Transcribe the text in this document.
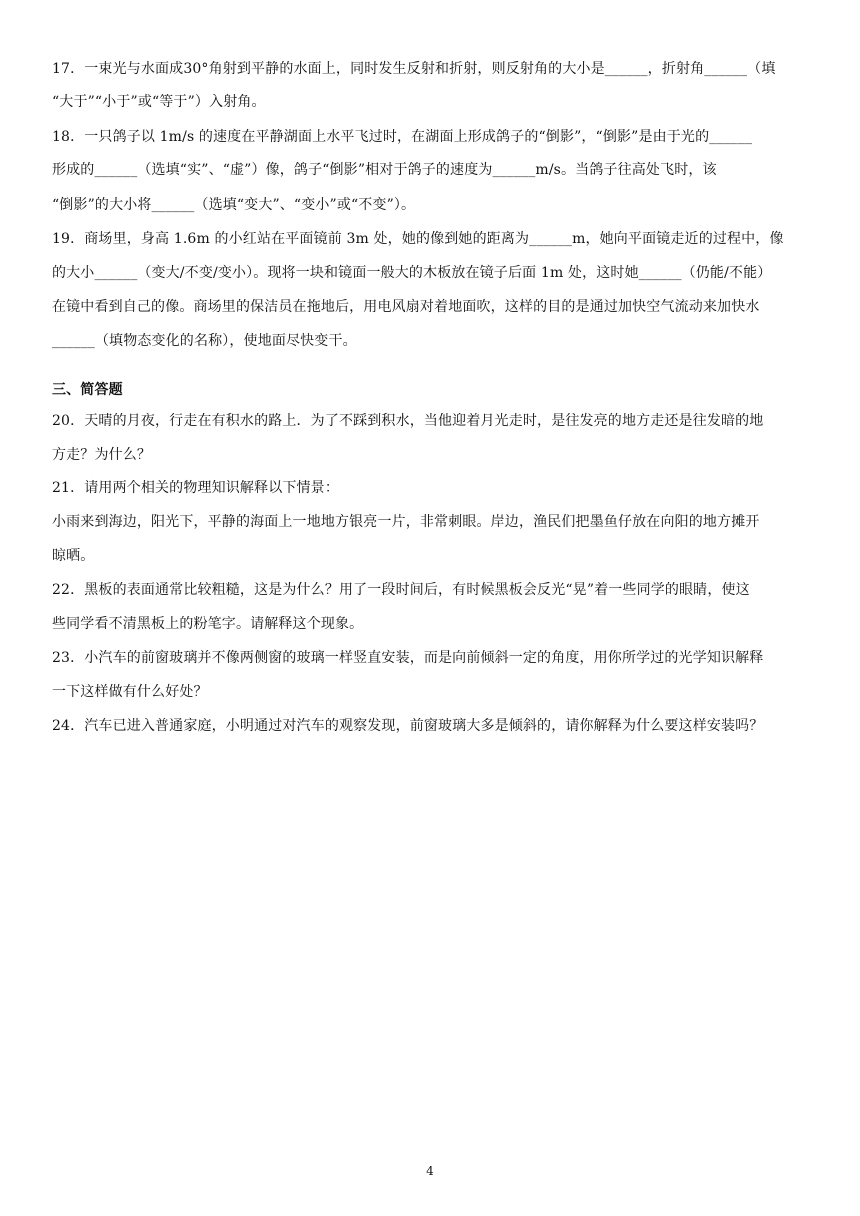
17．一束光与水面成30°角射到平静的水面上，同时发生反射和折射，则反射角的大小是______，折射角______（填
“大于”“小于”或“等于”）入射角。
18．一只鸽子以 1m/s 的速度在平静湖面上水平飞过时，在湖面上形成鸽子的“倒影”，“倒影”是由于光的______
形成的______（选填“实”、“虚”）像，鸽子“倒影”相对于鸽子的速度为______m/s。当鸽子往高处飞时，该
“倒影”的大小将______（选填“变大”、“变小”或“不变”）。
19．商场里，身高 1.6m 的小红站在平面镜前 3m 处，她的像到她的距离为______m，她向平面镜走近的过程中，像
的大小______（变大/不变/变小）。现将一块和镜面一般大的木板放在镜子后面 1m 处，这时她______（仍能/不能）
在镜中看到自己的像。商场里的保洁员在拖地后，用电风扇对着地面吹，这样的目的是通过加快空气流动来加快水
______（填物态变化的名称），使地面尽快变干。
三、简答题
20．天晴的月夜，行走在有积水的路上．为了不踩到积水，当他迎着月光走时，是往发亮的地方走还是往发暗的地
方走？为什么？
21．请用两个相关的物理知识解释以下情景：
小雨来到海边，阳光下，平静的海面上一地地方银亮一片，非常刺眼。岸边，渔民们把墨鱼仔放在向阳的地方摊开
晾晒。
22．黑板的表面通常比较粗糙，这是为什么？用了一段时间后，有时候黑板会反光“晃”着一些同学的眼睛，使这
些同学看不清黑板上的粉笔字。请解释这个现象。
23．小汽车的前窗玻璃并不像两侧窗的玻璃一样竖直安装，而是向前倾斜一定的角度，用你所学过的光学知识解释
一下这样做有什么好处？
24．汽车已进入普通家庭，小明通过对汽车的观察发现，前窗玻璃大多是倾斜的，请你解释为什么要这样安装吗？
4
